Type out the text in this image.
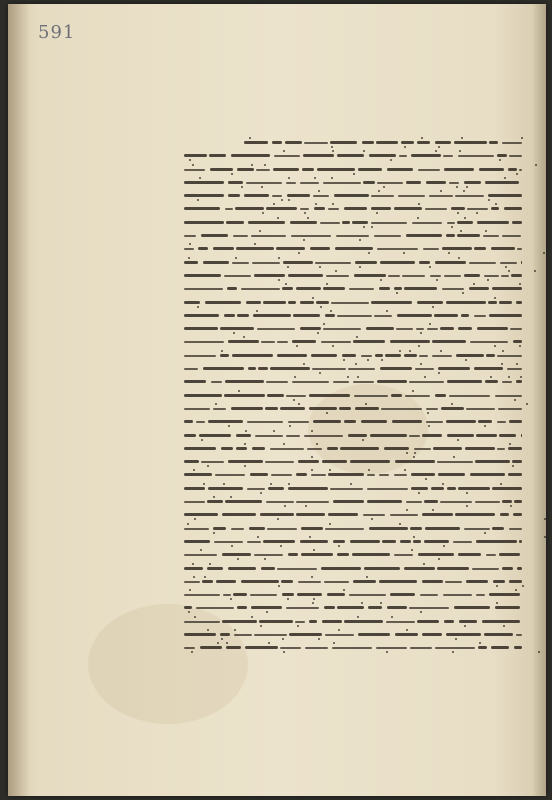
591
